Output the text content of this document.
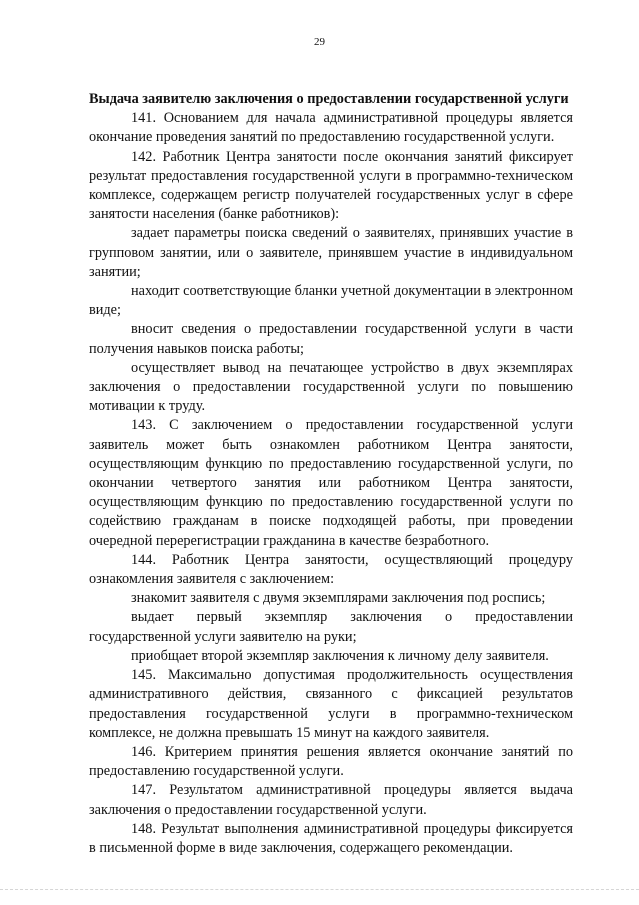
29

Выдача заявителю заключения о предоставлении государственной услуги

141. Основанием для начала административной процедуры является окончание проведения занятий по предоставлению государственной услуги.

142. Работник Центра занятости после окончания занятий фиксирует результат предоставления государственной услуги в программно-техническом комплексе, содержащем регистр получателей государственных услуг в сфере занятости населения (банке работников):

задает параметры поиска сведений о заявителях, принявших участие в групповом занятии, или о заявителе, принявшем участие в индивидуальном занятии;

находит соответствующие бланки учетной документации в электронном виде;

вносит сведения о предоставлении государственной услуги в части получения навыков поиска работы;

осуществляет вывод на печатающее устройство в двух экземплярах заключения о предоставлении государственной услуги по повышению мотивации к труду.

143. С заключением о предоставлении государственной услуги заявитель может быть ознакомлен работником Центра занятости, осуществляющим функцию по предоставлению государственной услуги, по окончании четвертого занятия или работником Центра занятости, осуществляющим функцию по предоставлению государственной услуги по содействию гражданам в поиске подходящей работы, при проведении очередной перерегистрации гражданина в качестве безработного.

144. Работник Центра занятости, осуществляющий процедуру ознакомления заявителя с заключением:

знакомит заявителя с двумя экземплярами заключения под роспись;

выдает первый экземпляр заключения о предоставлении государственной услуги заявителю на руки;

приобщает второй экземпляр заключения к личному делу заявителя.

145. Максимально допустимая продолжительность осуществления административного действия, связанного с фиксацией результатов предоставления государственной услуги в программно-техническом комплексе, не должна превышать 15 минут на каждого заявителя.

146. Критерием принятия решения является окончание занятий по предоставлению государственной услуги.

147. Результатом административной процедуры является выдача заключения о предоставлении государственной услуги.

148. Результат выполнения административной процедуры фиксируется в письменной форме в виде заключения, содержащего рекомендации.
